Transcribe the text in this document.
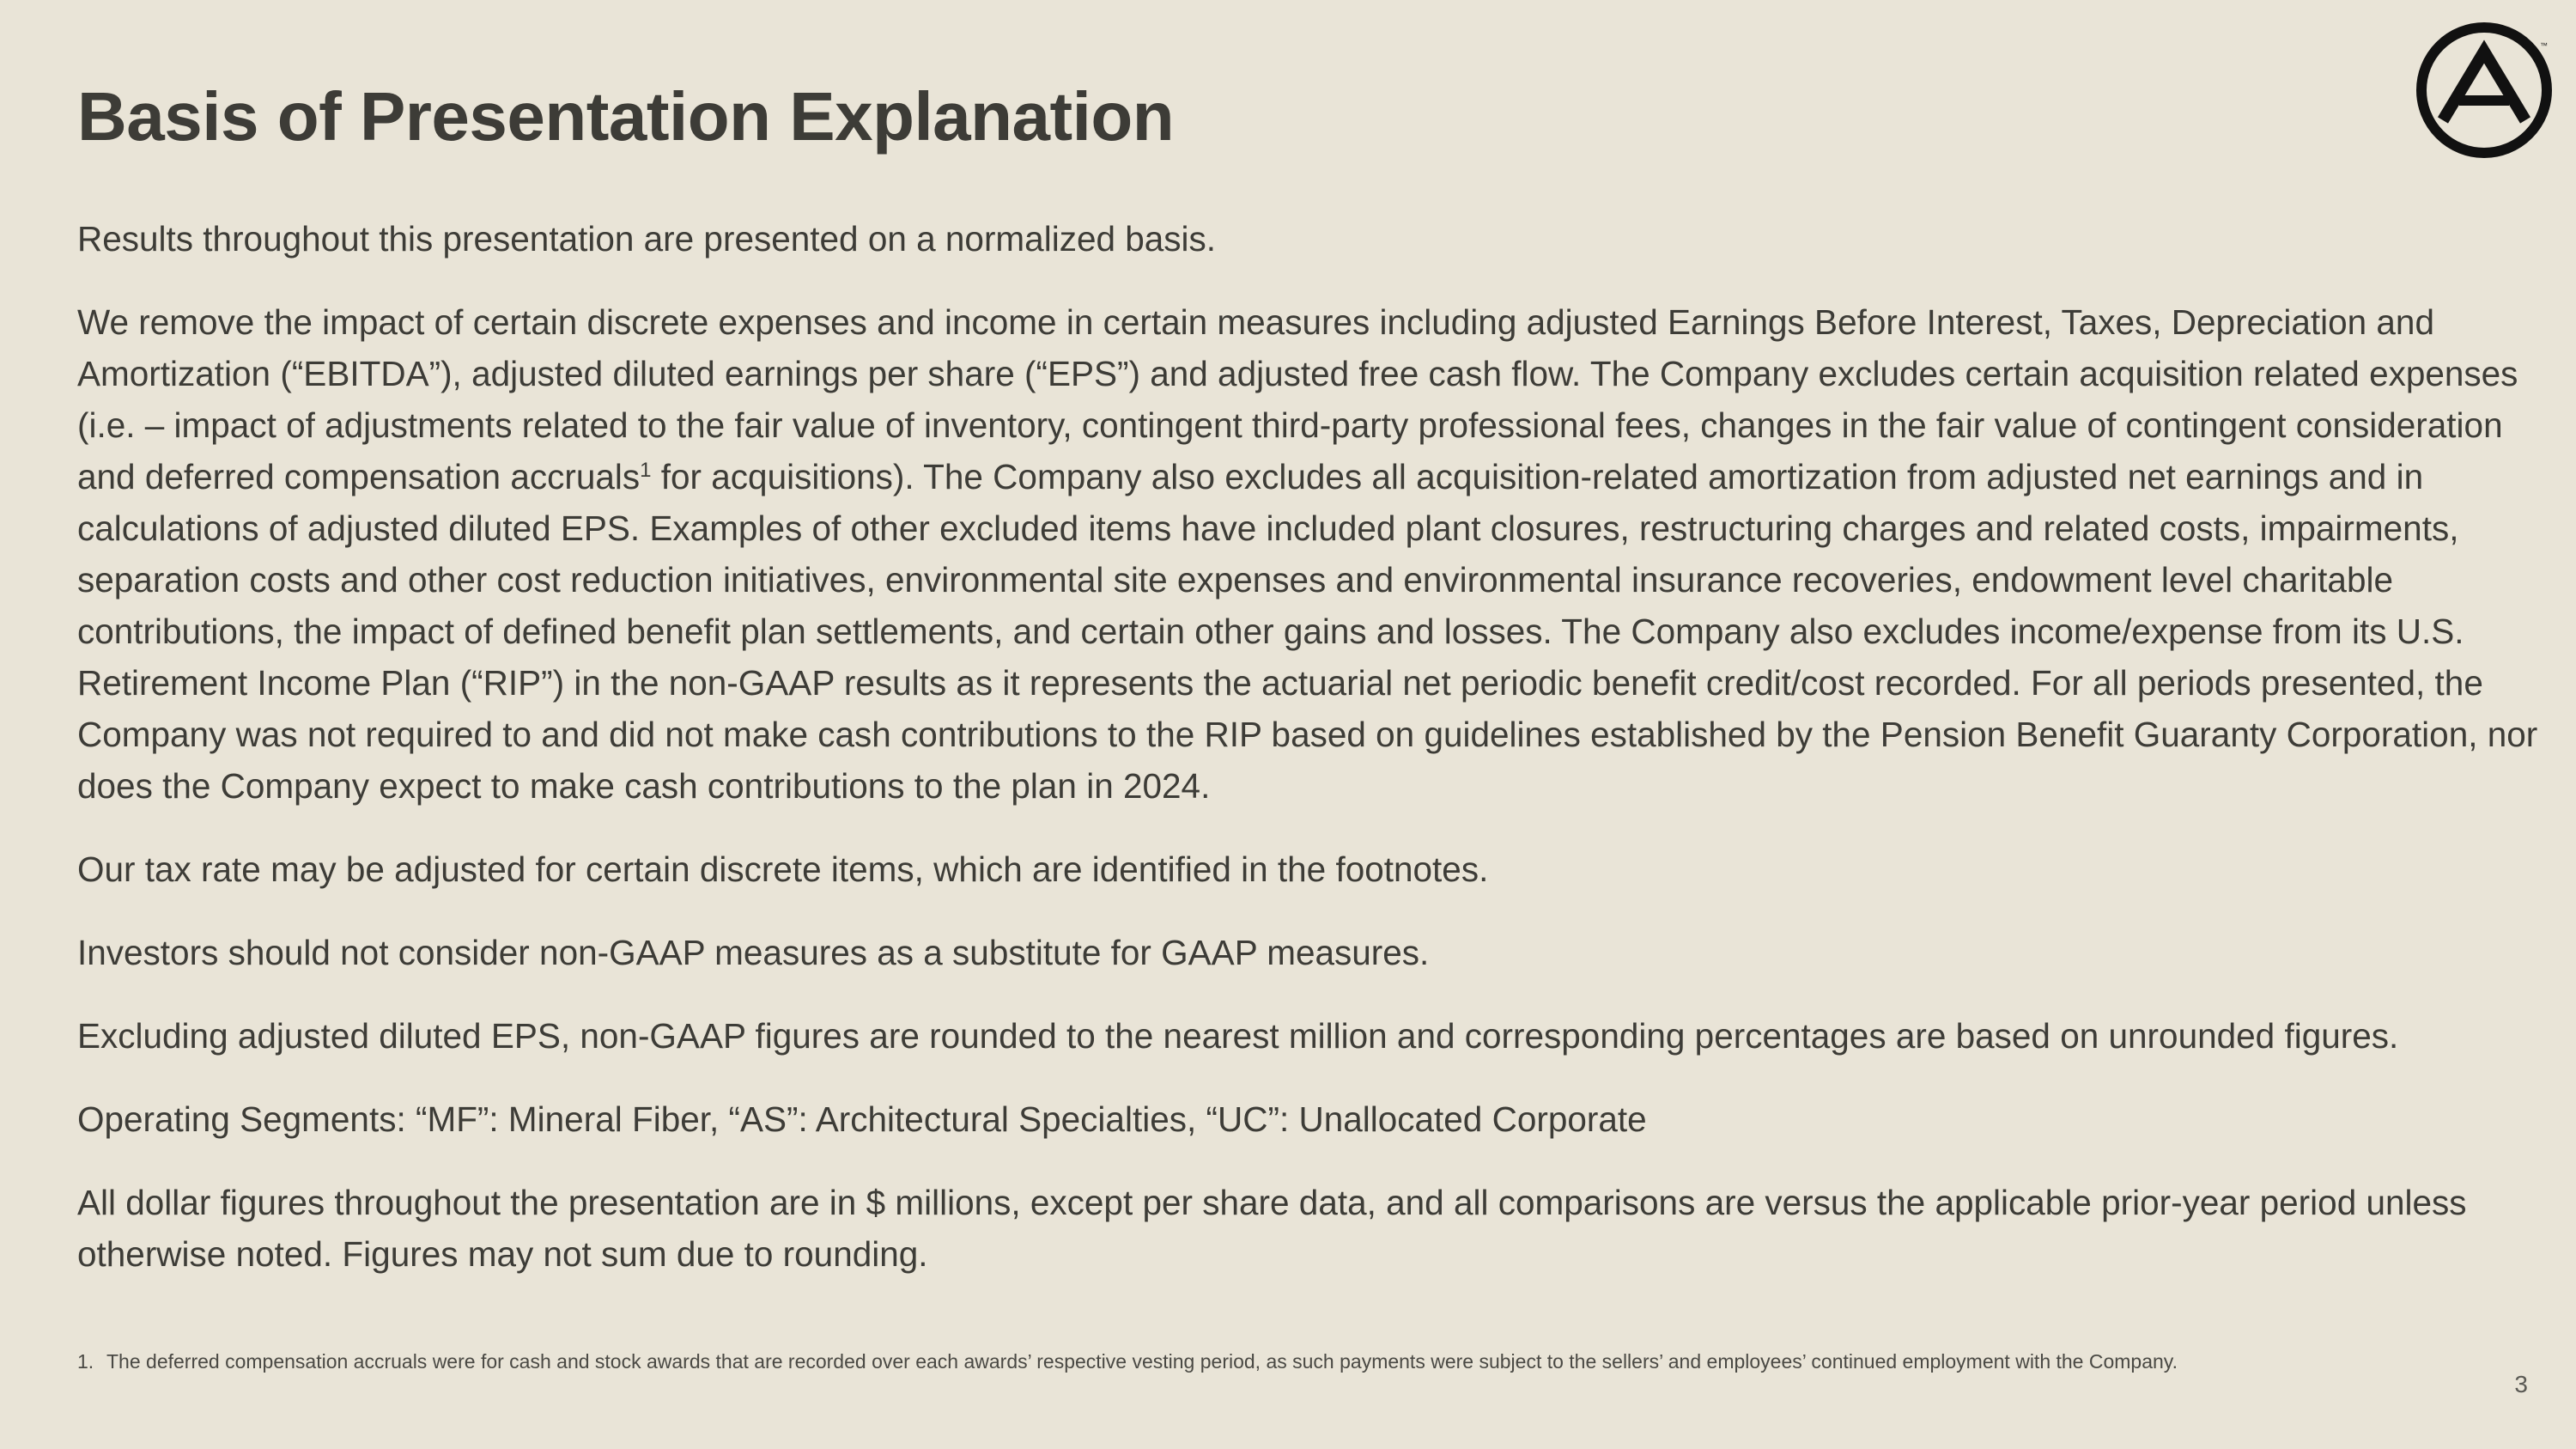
Basis of Presentation Explanation
™

Results throughout this presentation are presented on a normalized basis.

We remove the impact of certain discrete expenses and income in certain measures including adjusted Earnings Before Interest, Taxes, Depreciation and Amortization (“EBITDA”), adjusted diluted earnings per share (“EPS”) and adjusted free cash flow. The Company excludes certain acquisition related expenses (i.e. – impact of adjustments related to the fair value of inventory, contingent third-party professional fees, changes in the fair value of contingent consideration and deferred compensation accruals$^1$ for acquisitions). The Company also excludes all acquisition-related amortization from adjusted net earnings and in calculations of adjusted diluted EPS. Examples of other excluded items have included plant closures, restructuring charges and related costs, impairments, separation costs and other cost reduction initiatives, environmental site expenses and environmental insurance recoveries, endowment level charitable contributions, the impact of defined benefit plan settlements, and certain other gains and losses. The Company also excludes income/expense from its U.S. Retirement Income Plan (“RIP”) in the non-GAAP results as it represents the actuarial net periodic benefit credit/cost recorded. For all periods presented, the Company was not required to and did not make cash contributions to the RIP based on guidelines established by the Pension Benefit Guaranty Corporation, nor does the Company expect to make cash contributions to the plan in 2024.

Our tax rate may be adjusted for certain discrete items, which are identified in the footnotes.

Investors should not consider non-GAAP measures as a substitute for GAAP measures.

Excluding adjusted diluted EPS, non-GAAP figures are rounded to the nearest million and corresponding percentages are based on unrounded figures.

Operating Segments: “MF”: Mineral Fiber, “AS”: Architectural Specialties, “UC”: Unallocated Corporate

All dollar figures throughout the presentation are in $ millions, except per share data, and all comparisons are versus the applicable prior-year period unless otherwise noted. Figures may not sum due to rounding.

1. The deferred compensation accruals were for cash and stock awards that are recorded over each awards’ respective vesting period, as such payments were subject to the sellers’ and employees’ continued employment with the Company.
3
